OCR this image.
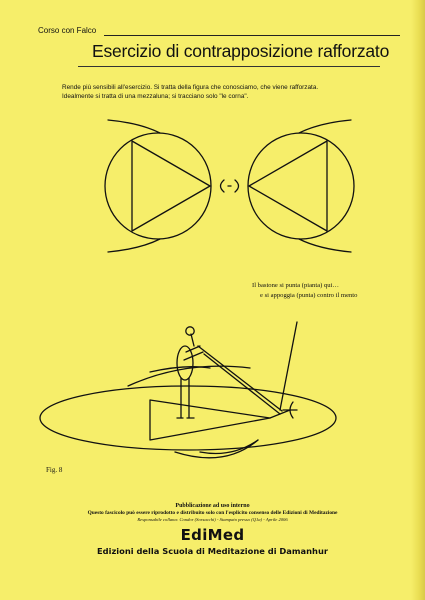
Corso con Falco
Esercizio di contrapposizione rafforzato
Rende più sensibili all'esercizio. Si tratta della figura che conosciamo, che viene rafforzata.
Idealmente si tratta di una mezzaluna; si tracciano solo "le corna".
Il bastone si punta (pianta) qui…
e si appoggia (punta) contro il mento
Fig. 8
Pubblicazione ad uso interno
Questo fascicolo può essere riprodotto e distribuito solo con l'esplicito consenso delle Edizioni di Meditazione
Responsabile collana: Condor (Sorsacchi) - Stampato presso (Q1a) - Aprile 2006
EdiMed
Edizioni della Scuola di Meditazione di Damanhur
